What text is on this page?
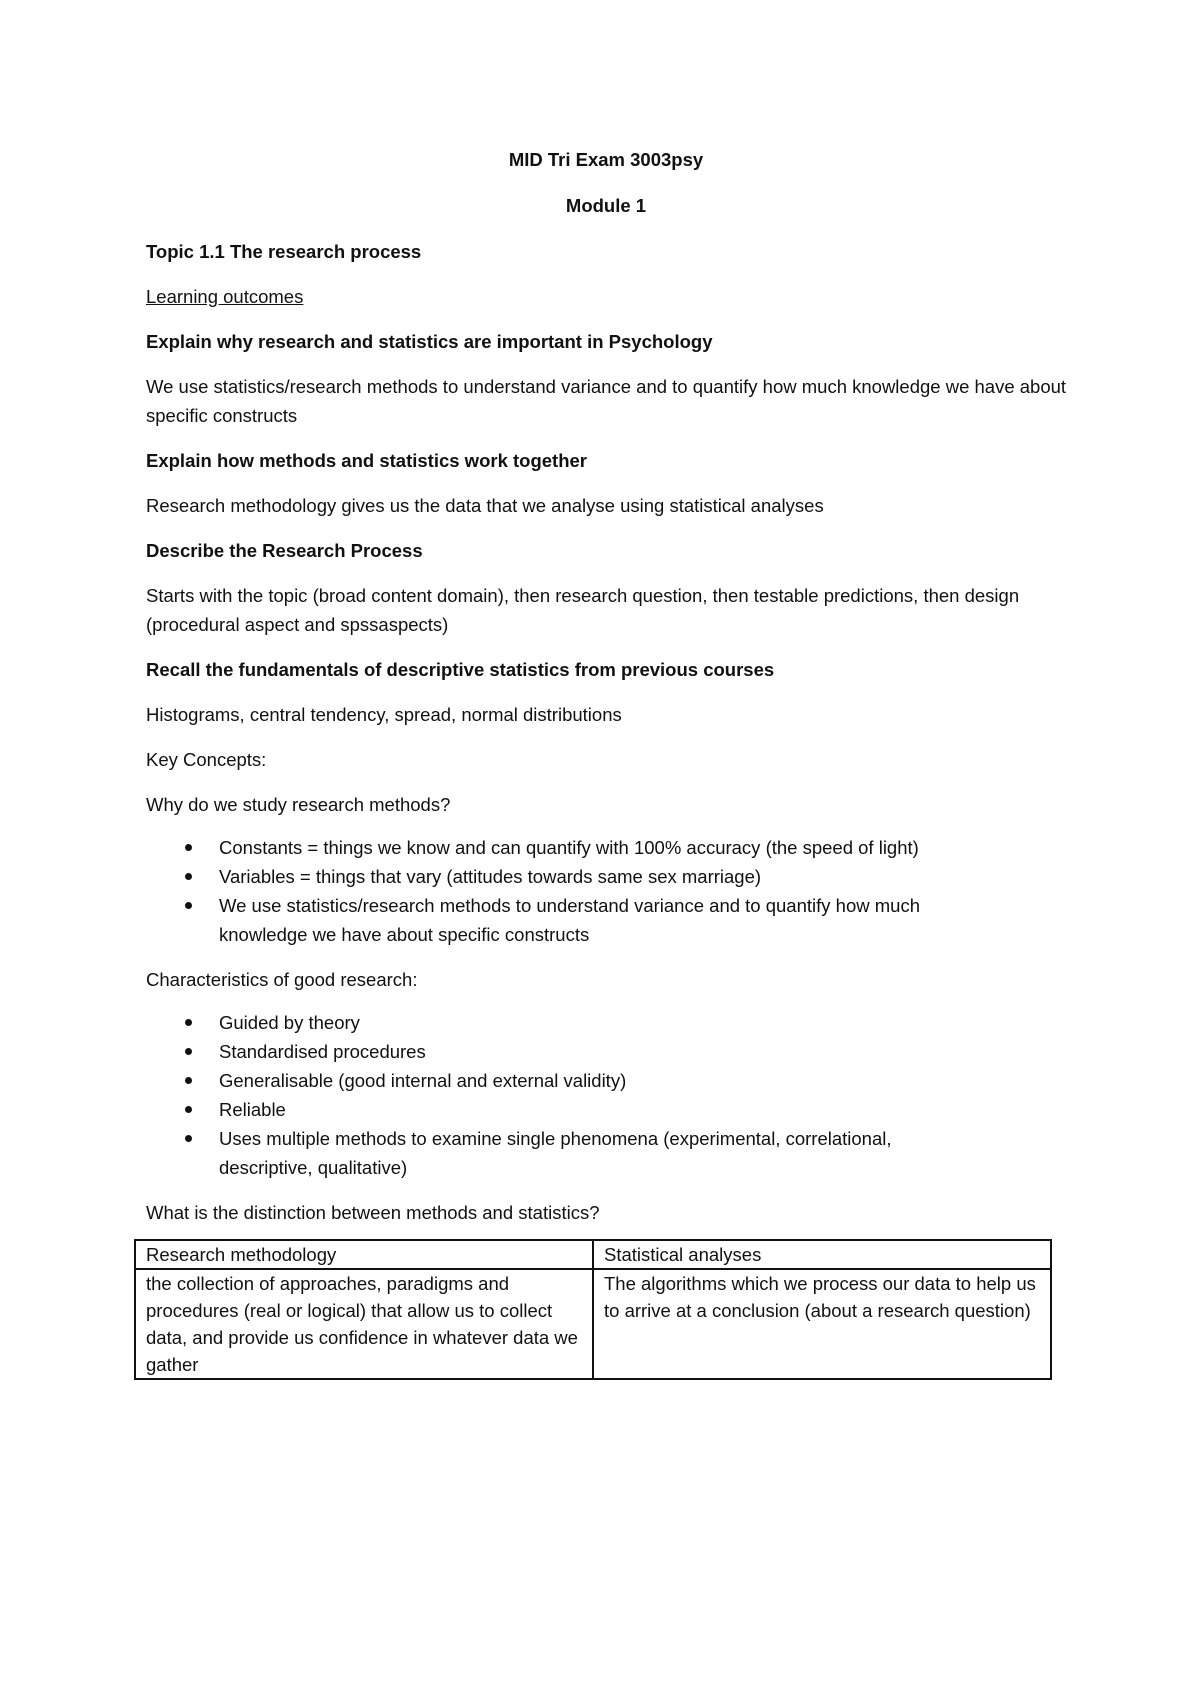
MID Tri Exam 3003psy

Module 1

Topic 1.1 The research process

Learning outcomes

Explain why research and statistics are important in Psychology

We use statistics/research methods to understand variance and to quantify how much knowledge we have about specific constructs

Explain how methods and statistics work together

Research methodology gives us the data that we analyse using statistical analyses

Describe the Research Process

Starts with the topic (broad content domain), then research question, then testable predictions, then design (procedural aspect and spssaspects)

Recall the fundamentals of descriptive statistics from previous courses

Histograms, central tendency, spread, normal distributions

Key Concepts:

Why do we study research methods?

Constants = things we know and can quantify with 100% accuracy (the speed of light)
Variables = things that vary (attitudes towards same sex marriage)
We use statistics/research methods to understand variance and to quantify how much knowledge we have about specific constructs

Characteristics of good research:

Guided by theory
Standardised procedures
Generalisable (good internal and external validity)
Reliable
Uses multiple methods to examine single phenomena (experimental, correlational, descriptive, qualitative)

What is the distinction between methods and statistics?

Research methodology	Statistical analyses
the collection of approaches, paradigms and procedures (real or logical) that allow us to collect data, and provide us confidence in whatever data we gather	The algorithms which we process our data to help us to arrive at a conclusion (about a research question)
